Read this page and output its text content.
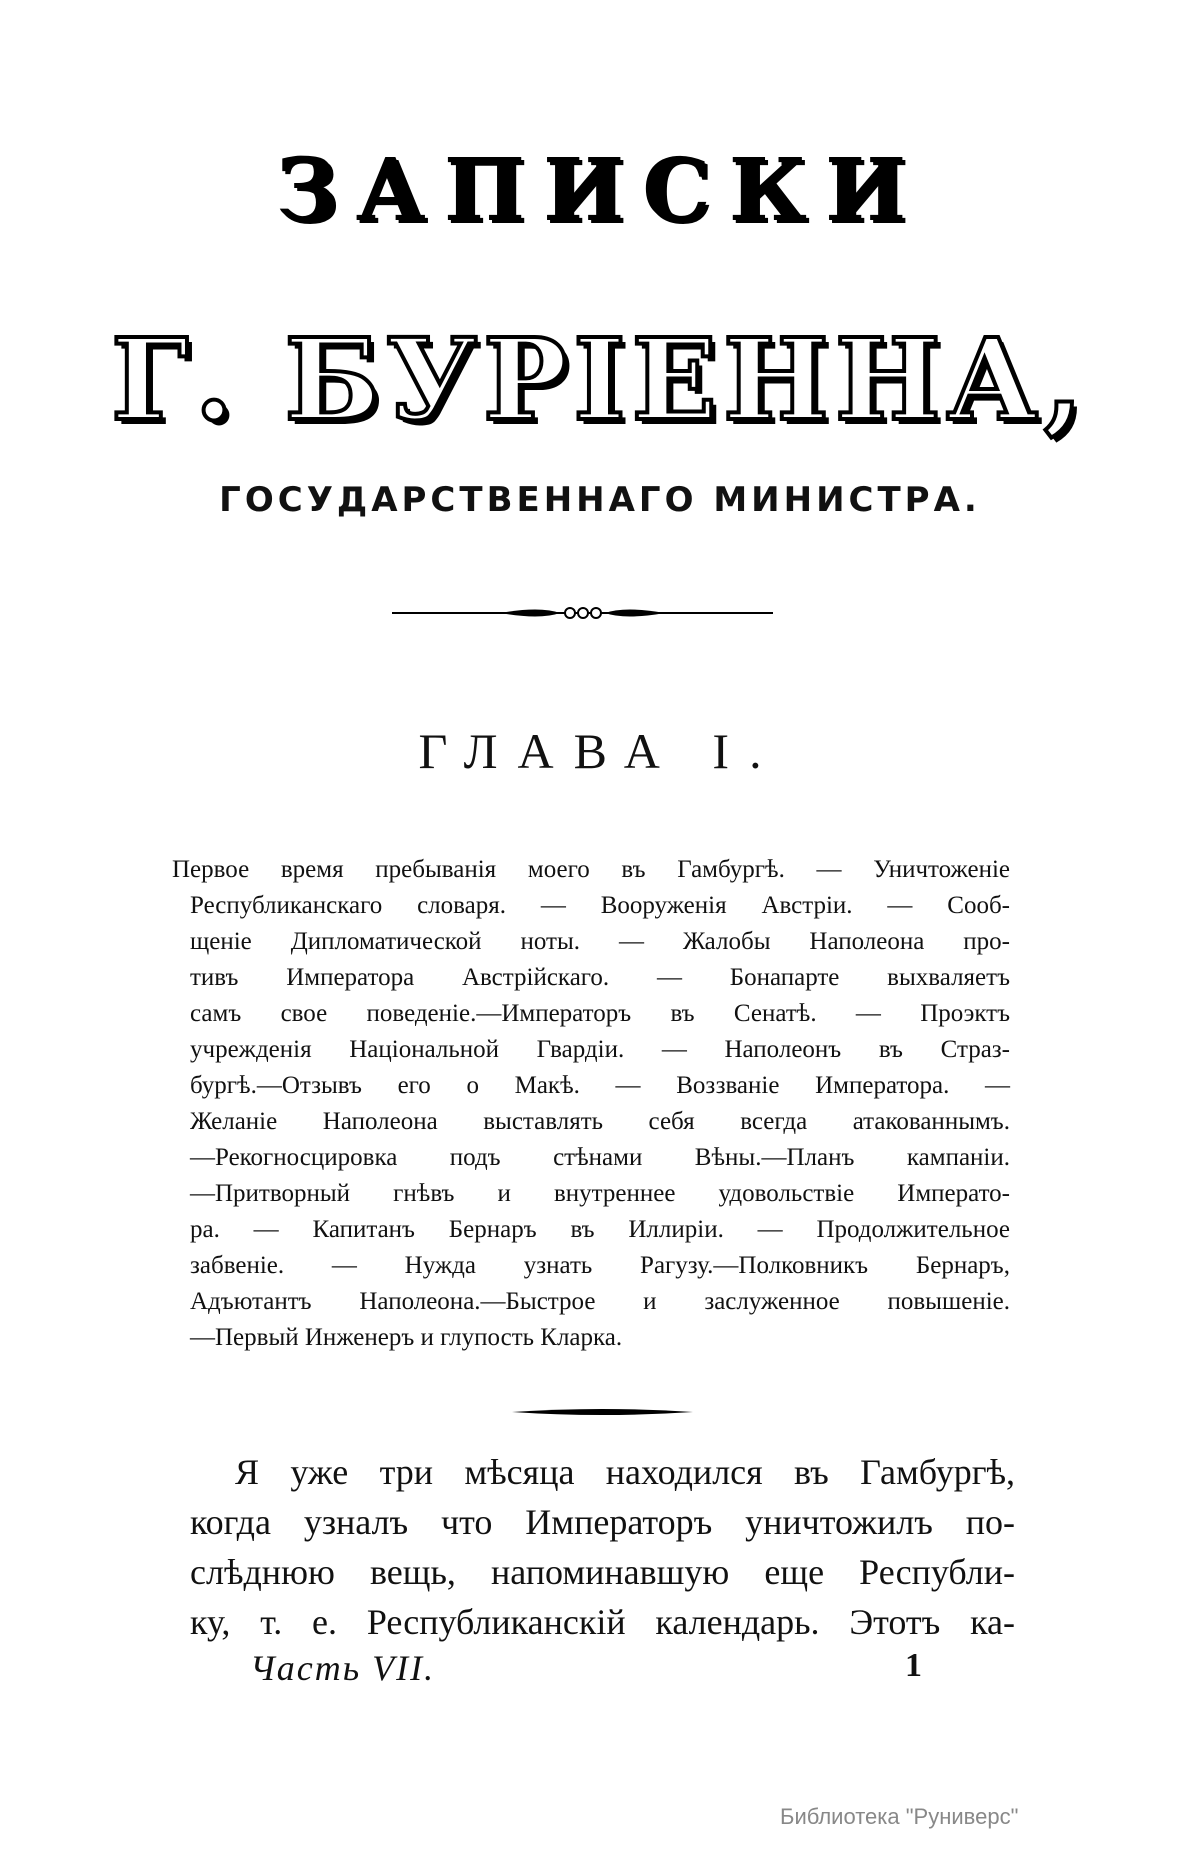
ЗАПИСКИ
Г. БУРІЕННА,
ГОСУДАРСТВЕННАГО МИНИСТРА.
ГЛАВА I.
Первое время пребыванія моего въ Гамбургѣ. — Уничтоженіе
Республиканскаго словаря. — Вооруженія Австріи. — Сооб-
щеніе Дипломатической ноты. — Жалобы Наполеона про-
тивъ Императора Австрійскаго. — Бонапарте выхваляетъ
самъ свое поведеніе.—Императоръ въ Сенатѣ. — Проэктъ
учрежденія Національной Гвардіи. — Наполеонъ въ Страз-
бургѣ.—Отзывъ его о Макѣ. — Воззваніе Императора. —
Желаніе Наполеона выставлять себя всегда атакованнымъ.
—Рекогносцировка подъ стѣнами Вѣны.—Планъ кампаніи.
—Притворный гнѣвъ и внутреннее удовольствіе Императо-
ра. — Капитанъ Бернаръ въ Иллиріи. — Продолжительное
забвеніе. — Нужда узнать Рагузу.—Полковникъ Бернаръ,
Адъютантъ Наполеона.—Быстрое и заслуженное повышеніе.
—Первый Инженеръ и глупость Кларка.
Я уже три мѣсяца находился въ Гамбургѣ,
когда узналъ что Императоръ уничтожилъ по-
слѣднюю вещь, напоминавшую еще Республи-
ку, т. е. Республиканскій календарь. Этотъ ка-
Часть VII.	1
Библиотека "Руниверс"
